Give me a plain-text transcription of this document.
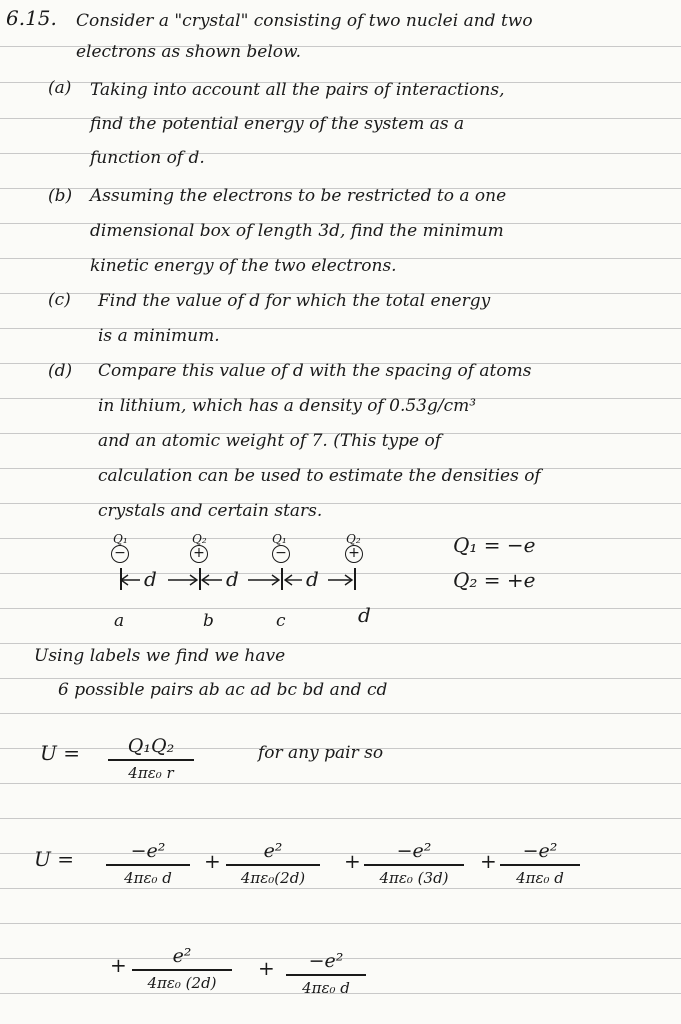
6.15. Consider a "crystal" consisting of two nuclei and two
electrons as shown below.
(a) Taking into account all the pairs of interactions,
find the potential energy of the system as a
function of d.
(b) Assuming the electrons to be restricted to a one
dimensional box of length 3d, find the minimum
kinetic energy of the two electrons.
(c) Find the value of d for which the total energy
is a minimum.
(d) Compare this value of d with the spacing of atoms
in lithium, which has a density of 0.53g/cm³
and an atomic weight of 7. (This type of
calculation can be used to estimate the densities of
crystals and certain stars.
Q₁	Q₂	Q₁	Q₂
−	+	−	+
d	d	d
a	b	c	d
Q₁ = −e
Q₂ = +e
Using labels we find we have
6 possible pairs ab ac ad bc bd and cd
U =	Q₁Q₂
4πε₀ r
for any pair so
U =	−e²
4πε₀ d
+	e²
4πε₀(2d)
+	−e²
4πε₀ (3d)
+	−e²
4πε₀ d
+	e²
4πε₀ (2d)
+	−e²
4πε₀ d
